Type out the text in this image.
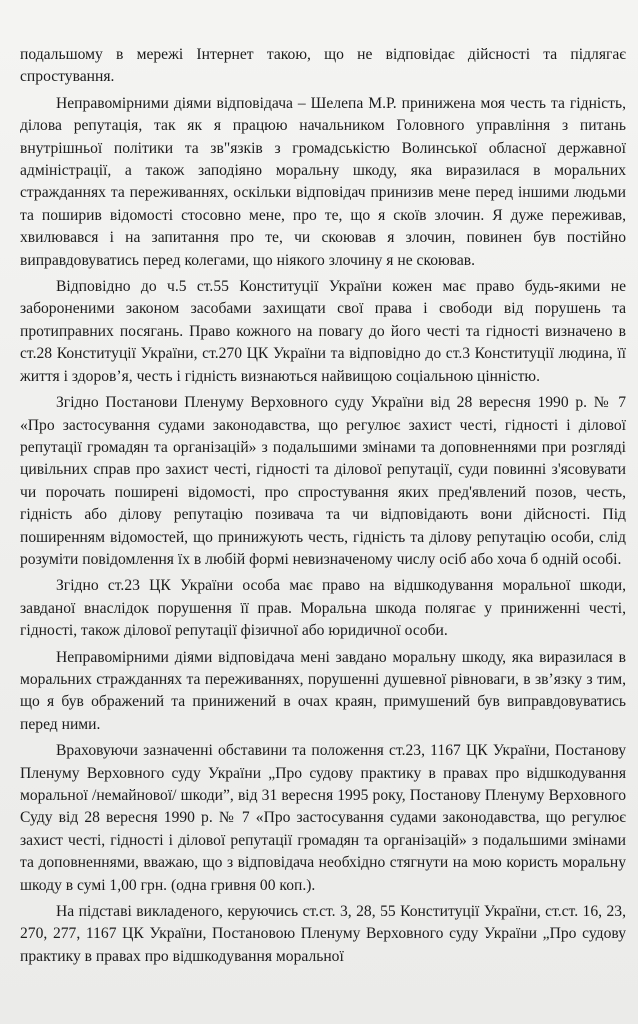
подальшому в мережі Інтернет такою, що не відповідає дійсності та підлягає спростування.

Неправомірними діями відповідача – Шелепа М.Р. принижена моя честь та гідність, ділова репутація, так як я працюю начальником Головного управління з питань внутрішньої політики та зв"язків з громадськістю Волинської обласної державної адміністрації, а також заподіяно моральну шкоду, яка виразилася в моральних стражданнях та переживаннях, оскільки відповідач принизив мене перед іншими людьми та поширив відомості стосовно мене, про те, що я скоїв злочин. Я дуже переживав, хвилювався і на запитання про те, чи скоював я злочин, повинен був постійно виправдовуватись перед колегами, що ніякого злочину я не скоював.

Відповідно до ч.5 ст.55 Конституції України кожен має право будь-якими не забороненими законом засобами захищати свої права і свободи від порушень та протиправних посягань. Право кожного на повагу до його честі та гідності визначено в ст.28 Конституції України, ст.270 ЦК України та відповідно до ст.3 Конституції людина, її життя і здоров’я, честь і гідність визнаються найвищою соціальною цінністю.

Згідно Постанови Пленуму Верховного суду України від 28 вересня 1990 р. № 7 «Про застосування судами законодавства, що регулює захист честі, гідності і ділової репутації громадян та організацій» з подальшими змінами та доповненнями при розгляді цивільних справ про захист честі, гідності та ділової репутації, суди повинні з'ясовувати чи порочать поширені відомості, про спростування яких пред'явлений позов, честь, гідність або ділову репутацію позивача та чи відповідають вони дійсності. Під поширенням відомостей, що принижують честь, гідність та ділову репутацію особи, слід розуміти повідомлення їх в любій формі невизначеному числу осіб або хоча б одній особі.

Згідно ст.23 ЦК України особа має право на відшкодування моральної шкоди, завданої внаслідок порушення її прав. Моральна шкода полягає у приниженні честі, гідності, також ділової репутації фізичної або юридичної особи.

Неправомірними діями відповідача мені завдано моральну шкоду, яка виразилася в моральних стражданнях та переживаннях, порушенні душевної рівноваги, в зв’язку з тим, що я був ображений та принижений в очах краян, примушений був виправдовуватись перед ними.

Враховуючи зазначенні обставини та положення ст.23, 1167 ЦК України, Постанову Пленуму Верховного суду України „Про судову практику в правах про відшкодування моральної /немайнової/ шкоди”, від 31 вересня 1995 року, Постанову Пленуму Верховного Суду від 28 вересня 1990 р. № 7 «Про застосування судами законодавства, що регулює захист честі, гідності і ділової репутації громадян та організацій» з подальшими змінами та доповненнями, вважаю, що з відповідача необхідно стягнути на мою користь моральну шкоду в сумі 1,00 грн. (одна гривня 00 коп.).

На підставі викладеного, керуючись ст.ст. 3, 28, 55 Конституції України, ст.ст. 16, 23, 270, 277, 1167 ЦК України, Постановою Пленуму Верховного суду України „Про судову практику в правах про відшкодування моральної
